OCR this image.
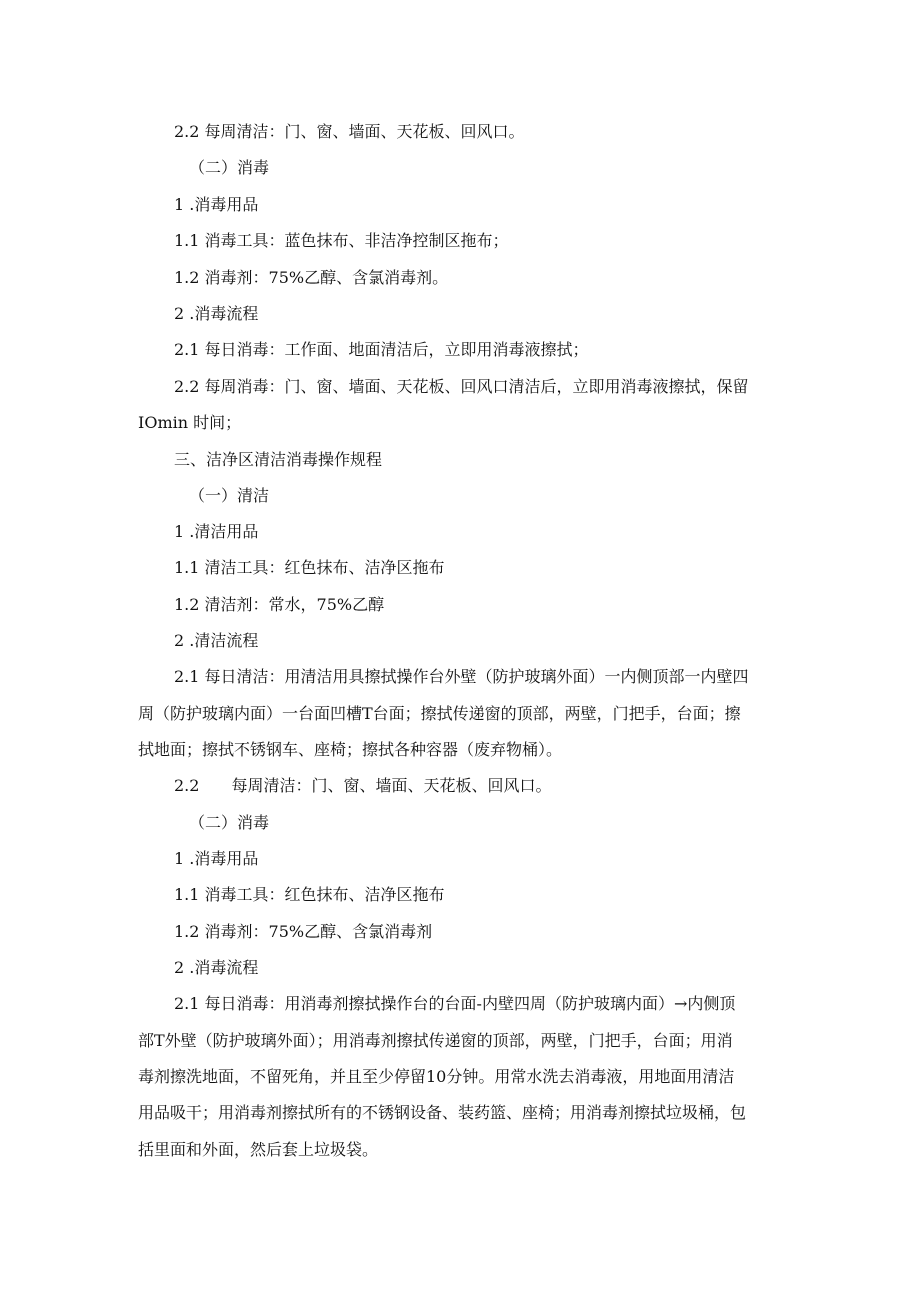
2.2 每周清洁：门、窗、墙面、天花板、回风口。
（二）消毒
1 .消毒用品
1.1 消毒工具：蓝色抹布、非洁净控制区拖布；
1.2 消毒剂：75%乙醇、含氯消毒剂。
2 .消毒流程
2.1 每日消毒：工作面、地面清洁后，立即用消毒液擦拭；
2.2 每周消毒：门、窗、墙面、天花板、回风口清洁后，立即用消毒液擦拭，保留
IOmin 时间；
三、洁净区清洁消毒操作规程
（一）清洁
1 .清洁用品
1.1 清洁工具：红色抹布、洁净区拖布
1.2 清洁剂：常水，75%乙醇
2 .清洁流程
2.1 每日清洁：用清洁用具擦拭操作台外壁（防护玻璃外面）一内侧顶部一内壁四
周（防护玻璃内面）一台面凹槽T台面；擦拭传递窗的顶部，两壁，门把手，台面；擦
拭地面；擦拭不锈钢车、座椅；擦拭各种容器（废弃物桶）。
2.2　　每周清洁：门、窗、墙面、天花板、回风口。
（二）消毒
1 .消毒用品
1.1 消毒工具：红色抹布、洁净区拖布
1.2 消毒剂：75%乙醇、含氯消毒剂
2 .消毒流程
2.1 每日消毒：用消毒剂擦拭操作台的台面-内壁四周（防护玻璃内面）→内侧顶
部T外壁（防护玻璃外面）；用消毒剂擦拭传递窗的顶部，两壁，门把手，台面；用消
毒剂擦洗地面，不留死角，并且至少停留10分钟。用常水洗去消毒液，用地面用清洁
用品吸干；用消毒剂擦拭所有的不锈钢设备、装药篮、座椅；用消毒剂擦拭垃圾桶，包
括里面和外面，然后套上垃圾袋。
